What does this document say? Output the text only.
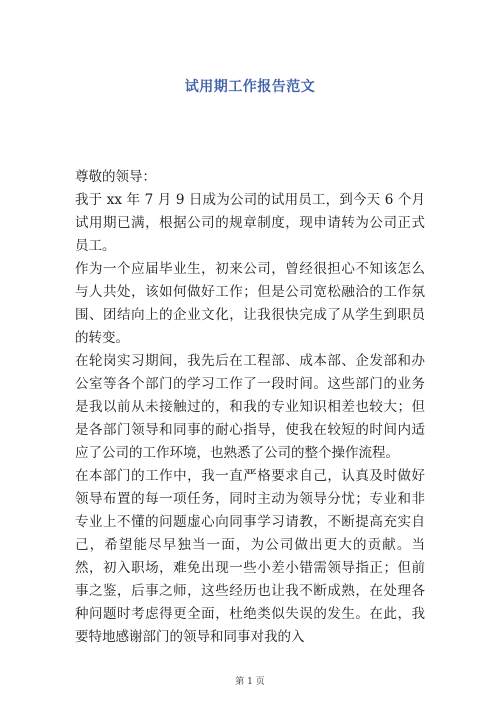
试用期工作报告范文

尊敬的领导：

我于 xx 年 7 月 9 日成为公司的试用员工，到今天 6 个月试用期已满，根据公司的规章制度，现申请转为公司正式员工。

作为一个应届毕业生，初来公司，曾经很担心不知该怎么与人共处，该如何做好工作；但是公司宽松融洽的工作氛围、团结向上的企业文化，让我很快完成了从学生到职员的转变。

在轮岗实习期间，我先后在工程部、成本部、企发部和办公室等各个部门的学习工作了一段时间。这些部门的业务是我以前从未接触过的，和我的专业知识相差也较大；但是各部门领导和同事的耐心指导，使我在较短的时间内适应了公司的工作环境，也熟悉了公司的整个操作流程。

在本部门的工作中，我一直严格要求自己，认真及时做好领导布置的每一项任务，同时主动为领导分忧；专业和非专业上不懂的问题虚心向同事学习请教，不断提高充实自己，希望能尽早独当一面，为公司做出更大的贡献。当然，初入职场，难免出现一些小差小错需领导指正；但前事之鉴，后事之师，这些经历也让我不断成熟，在处理各种问题时考虑得更全面，杜绝类似失误的发生。在此，我要特地感谢部门的领导和同事对我的入

第 1 页
